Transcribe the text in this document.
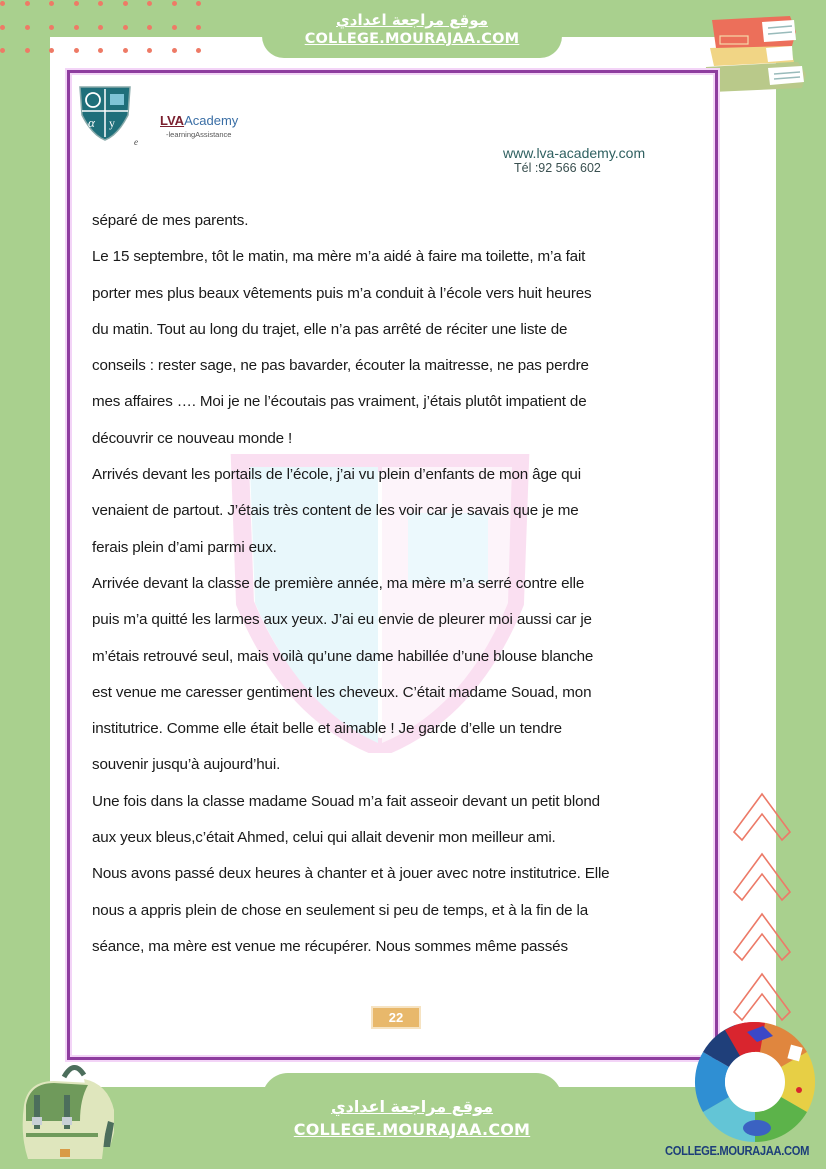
موقع مراجعة اعدادي
COLLEGE.MOURAJAA.COM
α y
e
LVAAcademy
-learningAssistance
www.lva-academy.com
Tél :92 566 602
séparé de mes parents.
Le 15 septembre, tôt le matin, ma mère m’a aidé à faire ma toilette, m’a fait
porter mes plus beaux vêtements puis m’a conduit à l’école vers huit heures
du matin. Tout au long du trajet, elle n’a pas arrêté de réciter une liste de
conseils : rester sage, ne pas bavarder, écouter la maitresse, ne pas perdre
mes affaires …. Moi je ne l’écoutais pas vraiment, j’étais plutôt impatient de
découvrir ce nouveau monde !
Arrivés devant les portails de l’école, j’ai vu plein d’enfants de mon âge qui
venaient de partout. J’étais très content de les voir car je savais que je me
ferais plein d’ami parmi eux.
Arrivée devant la classe de première année, ma mère m’a serré contre elle
puis m’a quitté les larmes aux yeux. J’ai eu envie de pleurer moi aussi car je
m’étais retrouvé seul, mais voilà qu’une dame habillée d’une blouse blanche
est venue me caresser gentiment les cheveux. C’était madame Souad, mon
institutrice. Comme elle était belle et aimable ! Je garde d’elle un tendre
souvenir jusqu’à aujourd’hui.
Une fois dans la classe madame Souad m’a fait asseoir devant un petit blond
aux yeux bleus,c’était Ahmed, celui qui allait devenir mon meilleur ami.
Nous avons passé deux heures à chanter et à jouer avec notre institutrice. Elle
nous a appris plein de chose en seulement si peu de temps, et à la fin de la
séance, ma mère est venue me récupérer. Nous sommes même passés
22
COLLEGE.MOURAJAA.COM
موقع مراجعة اعدادي
COLLEGE.MOURAJAA.COM
